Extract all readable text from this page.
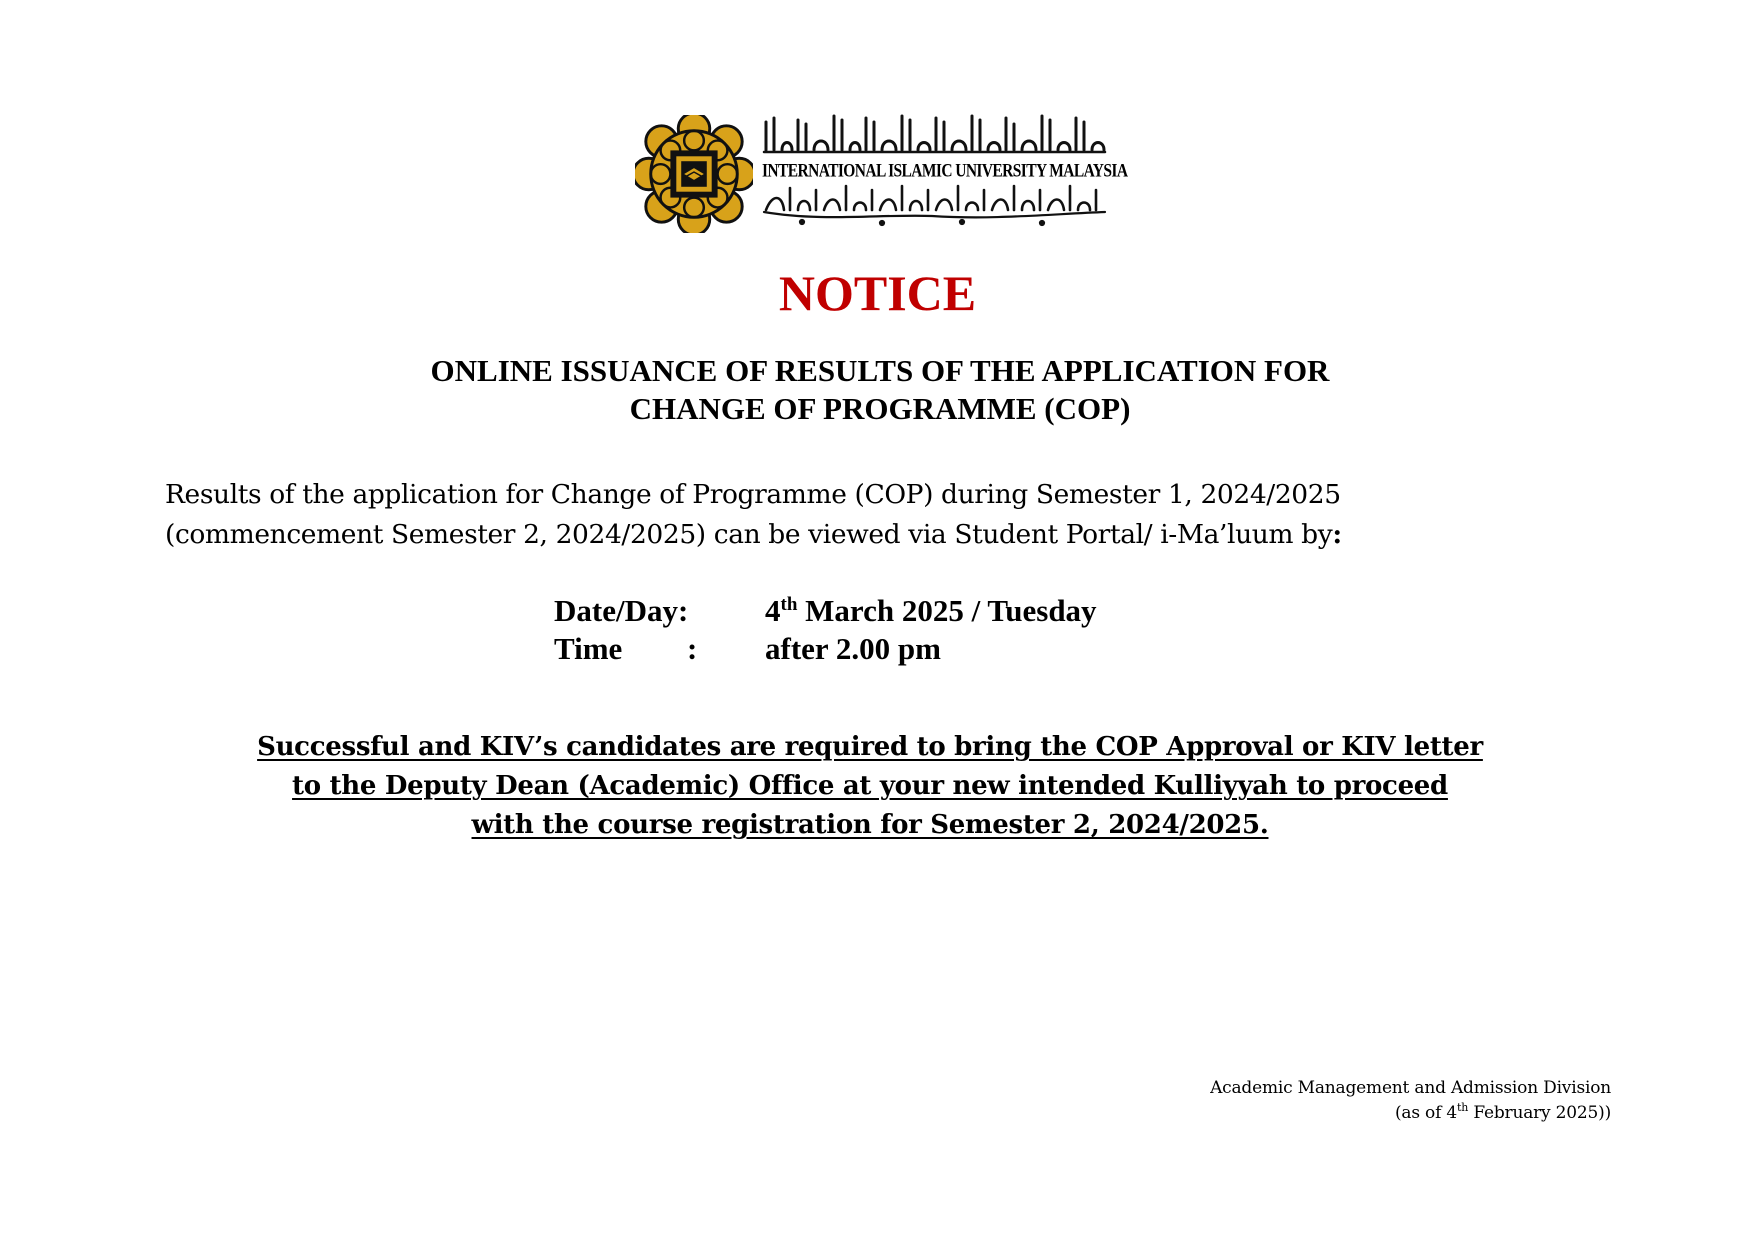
INTERNATIONAL ISLAMIC UNIVERSITY MALAYSIA
NOTICE
ONLINE ISSUANCE OF RESULTS OF THE APPLICATION FOR
CHANGE OF PROGRAMME (COP)
Results of the application for Change of Programme (COP) during Semester 1, 2024/2025
(commencement Semester 2, 2024/2025) can be viewed via Student Portal/ i-Ma’luum by:
Date/Day: 4th March 2025 / Tuesday
Time : after 2.00 pm
Successful and KIV’s candidates are required to bring the COP Approval or KIV letter
to the Deputy Dean (Academic) Office at your new intended Kulliyyah to proceed
with the course registration for Semester 2, 2024/2025.
Academic Management and Admission Division
(as of 4th February 2025))
